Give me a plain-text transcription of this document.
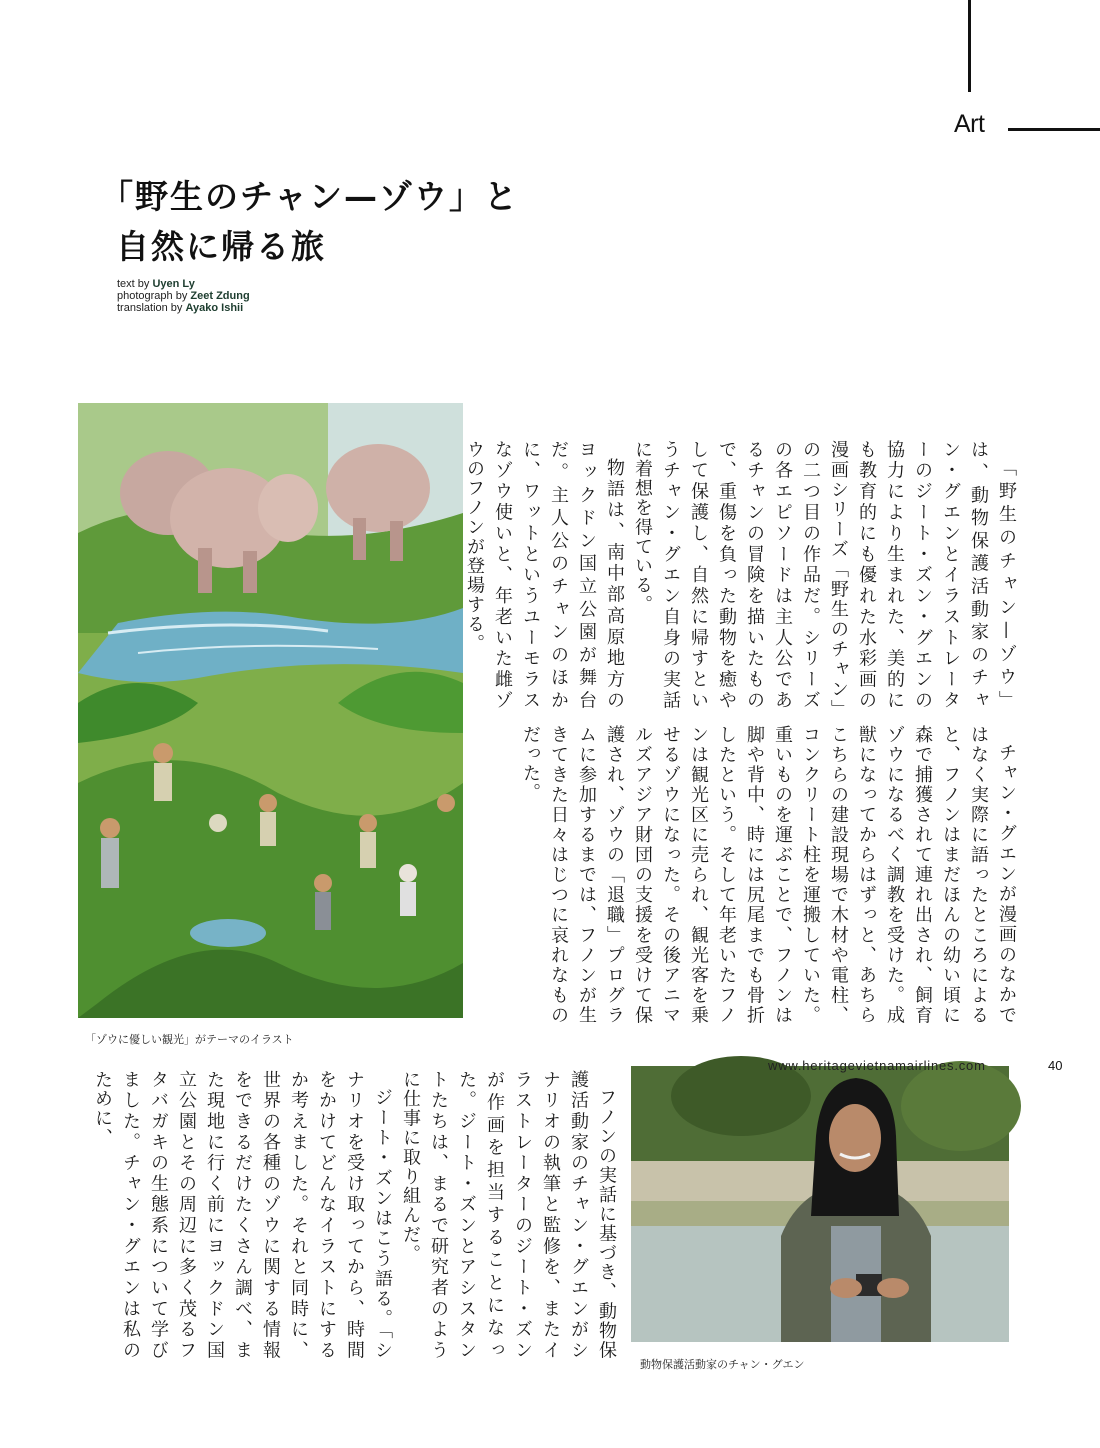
Art
「野生のチャン—ゾウ」と
自然に帰る旅
text by Uyen Ly
photograph by Zeet Zdung
translation by Ayako Ishii

「野生のチャン—ゾウ」は、動物保護活動家のチャン・グエンとイラストレーターのジート・ズン・グエンの協力により生まれた、美的にも教育的にも優れた水彩画の漫画シリーズ「野生のチャン」の二つ目の作品だ。シリーズの各エピソードは主人公であるチャンの冒険を描いたもので、重傷を負った動物を癒やして保護し、自然に帰すというチャン・グエン自身の実話に着想を得ている。

物語は、南中部高原地方のヨックドン国立公園が舞台だ。主人公のチャンのほかに、ワットというユーモラスなゾウ使いと、年老いた雌ゾウのフノンが登場する。

チャン・グエンが漫画のなかではなく実際に語ったところによると、フノンはまだほんの幼い頃に森で捕獲されて連れ出され、飼育ゾウになるべく調教を受けた。成獣になってからはずっと、あちらこちらの建設現場で木材や電柱、コンクリート柱を運搬していた。重いものを運ぶことで、フノンは脚や背中、時には尻尾までも骨折したという。そして年老いたフノンは観光区に売られ、観光客を乗せるゾウになった。その後アニマルズアジア財団の支援を受けて保護され、ゾウの「退職」プログラムに参加するまでは、フノンが生きてきた日々はじつに哀れなものだった。

フノンの実話に基づき、動物保護活動家のチャン・グエンがシナリオの執筆と監修を、またイラストレーターのジート・ズンが作画を担当することになった。ジート・ズンとアシスタントたちは、まるで研究者のように仕事に取り組んだ。

ジート・ズンはこう語る。「シナリオを受け取ってから、時間をかけてどんなイラストにするか考えました。それと同時に、世界の各種のゾウに関する情報をできるだけたくさん調べ、また現地に行く前にヨックドン国立公園とその周辺に多く茂るフタバガキの生態系について学びました。チャン・グエンは私のために、

「ゾウに優しい観光」がテーマのイラスト
動物保護活動家のチャン・グエン
www.heritagevietnamairlines.com	40
